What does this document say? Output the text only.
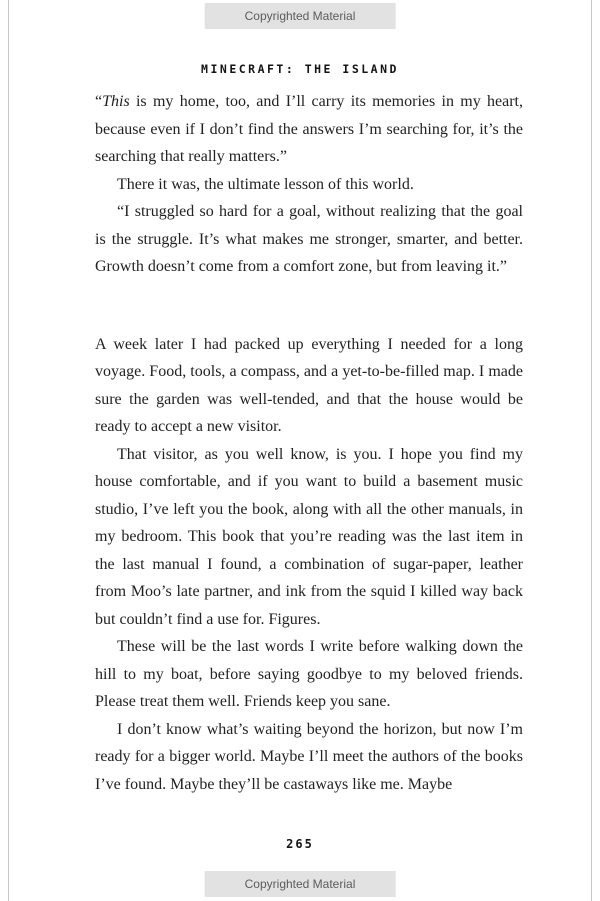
Copyrighted Material
MINECRAFT: THE ISLAND

“This is my home, too, and I’ll carry its memories in my heart, because even if I don’t find the answers I’m searching for, it’s the searching that really matters.”

There it was, the ultimate lesson of this world.

“I struggled so hard for a goal, without realizing that the goal is the struggle. It’s what makes me stronger, smarter, and better. Growth doesn’t come from a comfort zone, but from leaving it.”

A week later I had packed up everything I needed for a long voyage. Food, tools, a compass, and a yet-to-be-filled map. I made sure the garden was well-tended, and that the house would be ready to accept a new visitor.

That visitor, as you well know, is you. I hope you find my house comfortable, and if you want to build a basement music studio, I’ve left you the book, along with all the other manuals, in my bedroom. This book that you’re reading was the last item in the last manual I found, a combination of sugar-paper, leather from Moo’s late partner, and ink from the squid I killed way back but couldn’t find a use for. Figures.

These will be the last words I write before walking down the hill to my boat, before saying goodbye to my beloved friends. Please treat them well. Friends keep you sane.

I don’t know what’s waiting beyond the horizon, but now I’m ready for a bigger world. Maybe I’ll meet the authors of the books I’ve found. Maybe they’ll be castaways like me. Maybe

265
Copyrighted Material
